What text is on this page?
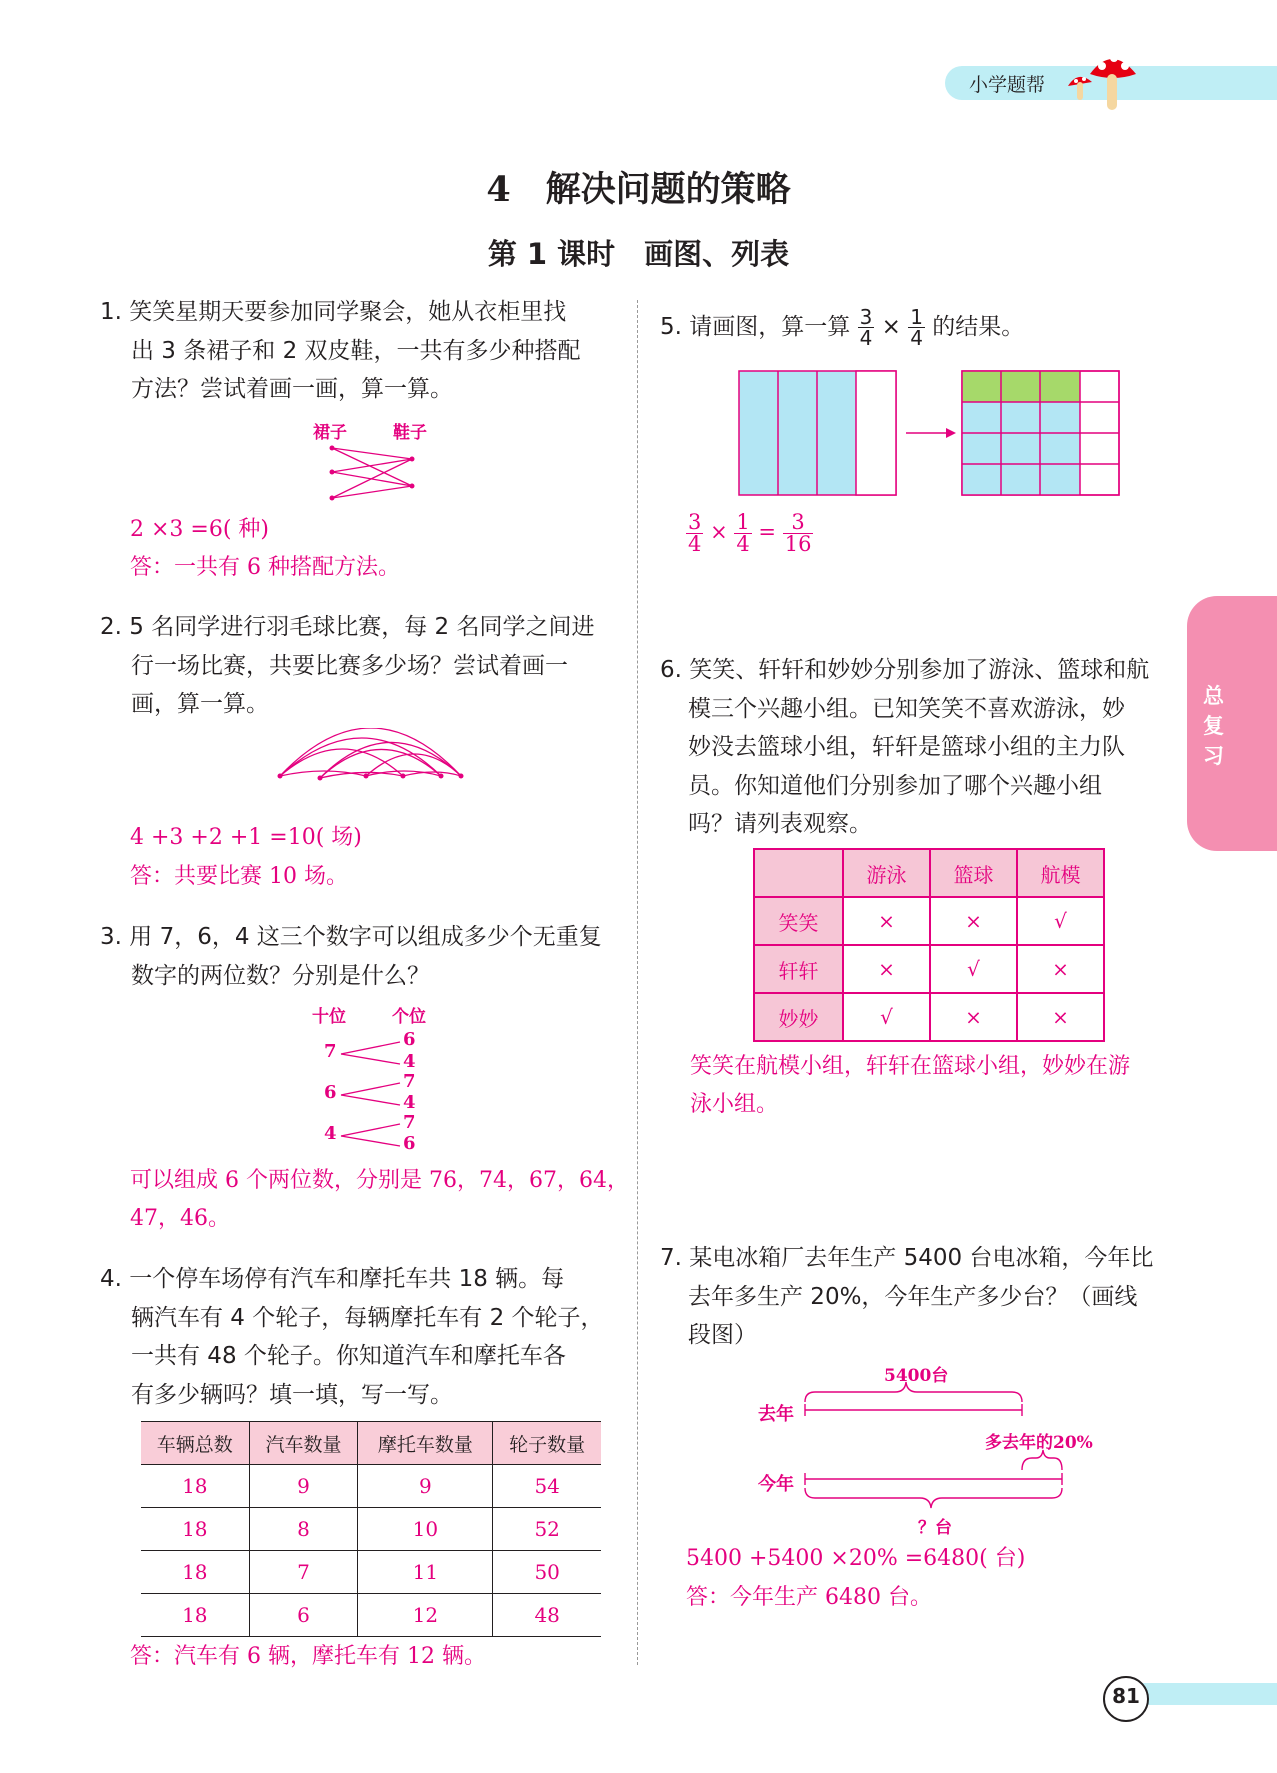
小学题帮
总
复
习
4　解决问题的策略
第 1 课时　画图、列表
1. 笑笑星期天要参加同学聚会，她从衣柜里找
出 3 条裙子和 2 双皮鞋，一共有多少种搭配
方法？尝试着画一画，算一算。
裙子	鞋子
2 ×3 =6( 种)
答：一共有 6 种搭配方法。
2. 5 名同学进行羽毛球比赛，每 2 名同学之间进
行一场比赛，共要比赛多少场？尝试着画一
画，算一算。
4 +3 +2 +1 =10( 场)
答：共要比赛 10 场。
3. 用 7，6，4 这三个数字可以组成多少个无重复
数字的两位数？分别是什么？
十位	个位
7
6
4
6
7
4
4
7
6
可以组成 6 个两位数，分别是 76，74，67，64，
47，46。
4. 一个停车场停有汽车和摩托车共 18 辆。每
辆汽车有 4 个轮子，每辆摩托车有 2 个轮子，
一共有 48 个轮子。你知道汽车和摩托车各
有多少辆吗？填一填，写一写。
车辆总数	汽车数量	摩托车数量	轮子数量
18	9	9	54
18	8	10	52
18	7	11	50
18	6	12	48
答：汽车有 6 辆，摩托车有 12 辆。
5. 请画图，算一算 $\frac{3}{4} \times \frac{1}{4}$ 的结果。
$\frac{3}{4} \times \frac{1}{4} = \frac{3}{16}$
6. 笑笑、轩轩和妙妙分别参加了游泳、篮球和航
模三个兴趣小组。已知笑笑不喜欢游泳，妙
妙没去篮球小组，轩轩是篮球小组的主力队
员。你知道他们分别参加了哪个兴趣小组
吗？请列表观察。
	游泳	篮球	航模
笑笑	×	×	√
轩轩	×	√	×
妙妙	√	×	×
笑笑在航模小组，轩轩在篮球小组，妙妙在游
泳小组。
7. 某电冰箱厂去年生产 5400 台电冰箱，今年比
去年多生产 20%，今年生产多少台？（画线
段图）
5400台
去年
多去年的20%
今年
？台
5400 +5400 ×20% =6480( 台)
答：今年生产 6480 台。
81
